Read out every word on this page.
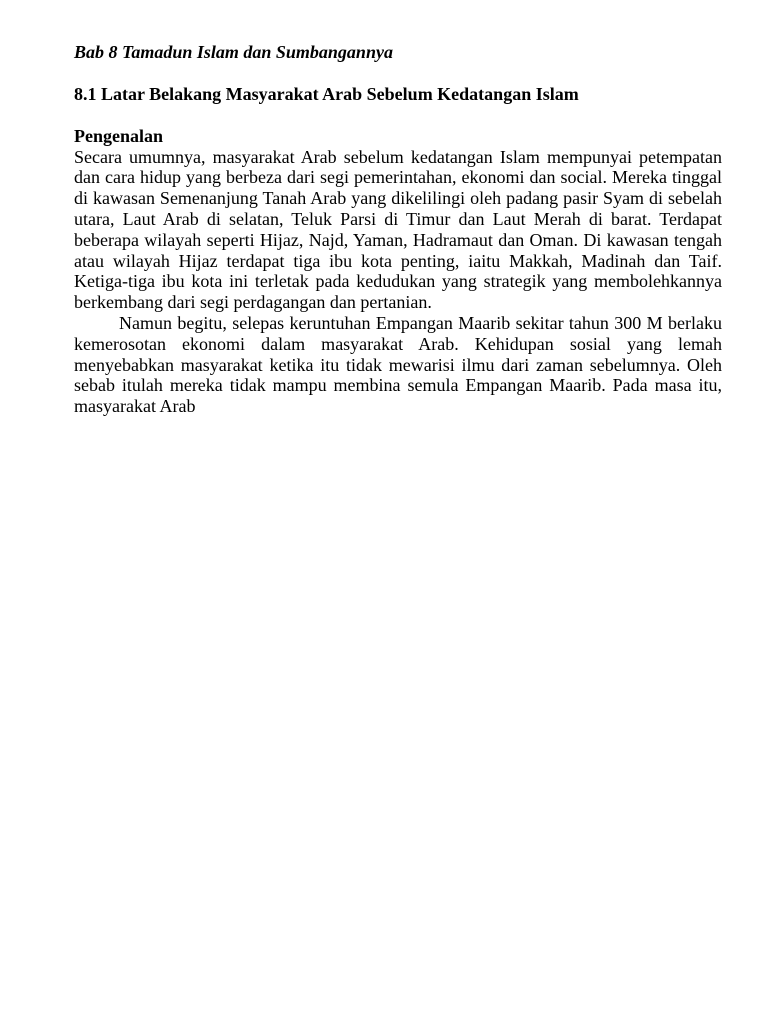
Bab 8 Tamadun Islam dan Sumbangannya

8.1 Latar Belakang Masyarakat Arab Sebelum Kedatangan Islam

Pengenalan

Secara umumnya, masyarakat Arab sebelum kedatangan Islam mempunyai petempatan dan cara hidup yang berbeza dari segi pemerintahan, ekonomi dan social. Mereka tinggal di kawasan Semenanjung Tanah Arab yang dikelilingi oleh padang pasir Syam di sebelah utara, Laut Arab di selatan, Teluk Parsi di Timur dan Laut Merah di barat. Terdapat beberapa wilayah seperti Hijaz, Najd, Yaman, Hadramaut dan Oman. Di kawasan tengah atau wilayah Hijaz terdapat tiga ibu kota penting, iaitu Makkah, Madinah dan Taif. Ketiga-tiga ibu kota ini terletak pada kedudukan yang strategik yang membolehkannya berkembang dari segi perdagangan dan pertanian.

Namun begitu, selepas keruntuhan Empangan Maarib sekitar tahun 300 M berlaku kemerosotan ekonomi dalam masyarakat Arab. Kehidupan sosial yang lemah menyebabkan masyarakat ketika itu tidak mewarisi ilmu dari zaman sebelumnya. Oleh sebab itulah mereka tidak mampu membina semula Empangan Maarib. Pada masa itu, masyarakat Arab
